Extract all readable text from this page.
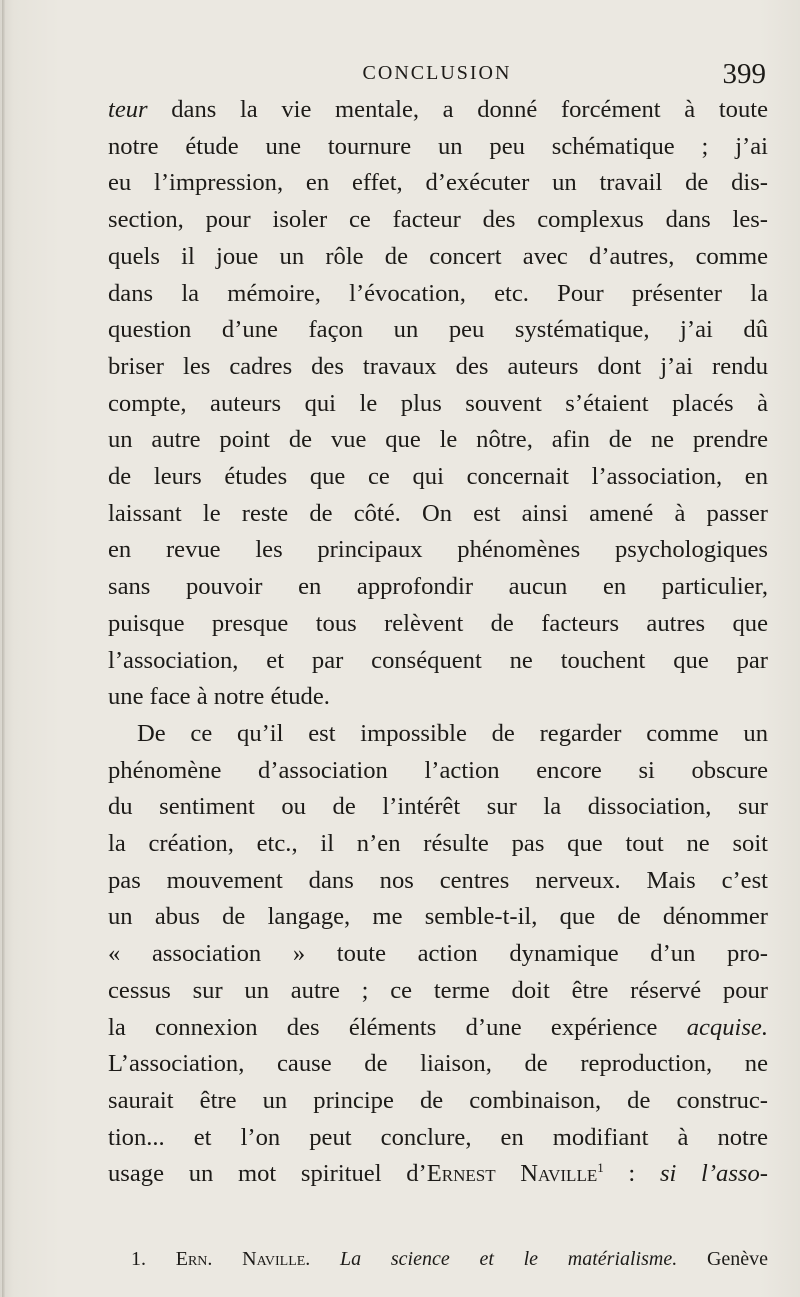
CONCLUSION	399
teur dans la vie mentale, a donné forcément à toute
notre étude une tournure un peu schématique ; j’ai
eu l’impression, en effet, d’exécuter un travail de dis-
section, pour isoler ce facteur des complexus dans les-
quels il joue un rôle de concert avec d’autres, comme
dans la mémoire, l’évocation, etc. Pour présenter la
question d’une façon un peu systématique, j’ai dû
briser les cadres des travaux des auteurs dont j’ai rendu
compte, auteurs qui le plus souvent s’étaient placés à
un autre point de vue que le nôtre, afin de ne prendre
de leurs études que ce qui concernait l’association, en
laissant le reste de côté. On est ainsi amené à passer
en revue les principaux phénomènes psychologiques
sans pouvoir en approfondir aucun en particulier,
puisque presque tous relèvent de facteurs autres que
l’association, et par conséquent ne touchent que par
une face à notre étude.
De ce qu’il est impossible de regarder comme un
phénomène d’association l’action encore si obscure
du sentiment ou de l’intérêt sur la dissociation, sur
la création, etc., il n’en résulte pas que tout ne soit
pas mouvement dans nos centres nerveux. Mais c’est
un abus de langage, me semble-t-il, que de dénommer
« association » toute action dynamique d’un pro-
cessus sur un autre ; ce terme doit être réservé pour
la connexion des éléments d’une expérience acquise.
L’association, cause de liaison, de reproduction, ne
saurait être un principe de combinaison, de construc-
tion... et l’on peut conclure, en modifiant à notre
usage un mot spirituel d’Ernest Naville$^1$ : si l’asso-
1. Ern. Naville. La science et le matérialisme. Genève
